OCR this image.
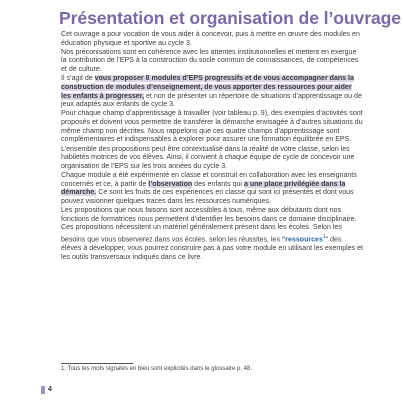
Présentation et organisation de l’ouvrage

Cet ouvrage a pour vocation de vous aider à concevoir, puis à mettre en œuvre des modules en éducation physique et sportive au cycle 3.

Nos préconisations sont en cohérence avec les attentes institutionnelles et mettent en exergue la contribution de l’EPS à la construction du socle commun de connaissances, de compétences et de culture.

Il s’agit de vous proposer 8 modules d’EPS progressifs et de vous accompagner dans la construction de modules d’enseignement, de vous apporter des ressources pour aider les enfants à progresser, et non de présenter un répertoire de situations d’apprentissage ou de jeux adaptés aux enfants de cycle 3.

Pour chaque champ d’apprentissage à travailler (voir tableau p. 9), des exemples d’activités sont proposés et doivent vous permettre de transférer la démarche envisagée à d’autres situations du même champ non décrites. Nous rappelons que ces quatre champs d’apprentissage sont complémentaires et indispensables à explorer pour assurer une formation équilibrée en EPS.

L’ensemble des propositions peut être contextualisé dans la réalité de votre classe, selon les habiletés motrices de vos élèves. Ainsi, il convient à chaque équipe de cycle de concevoir une organisation de l’EPS sur les trois années du cycle 3.

Chaque module a été expérimenté en classe et construit en collaboration avec les enseignants concernés et ce, à partir de l’observation des enfants qui a une place privilégiée dans la démarche. Ce sont les fruits de ces expériences en classe qui sont ici présentés et dont vous pouvez visionner quelques traces dans les ressources numériques.

Les propositions que nous faisons sont accessibles à tous, même aux débutants dont nos fonctions de formatrices nous permettent d’identifier les besoins dans ce domaine disciplinaire. Ces propositions nécessitent un matériel généralement présent dans les écoles. Selon les besoins que vous observerez dans vos écoles, selon les réussites, les "ressources$^1$" des élèves à développer, vous pourrez construire pas à pas votre module en utilisant les exemples et les outils transversaux indiqués dans ce livre.

1. Tous les mots signalés en bleu sont explicités dans le glossaire p. 48.
4
